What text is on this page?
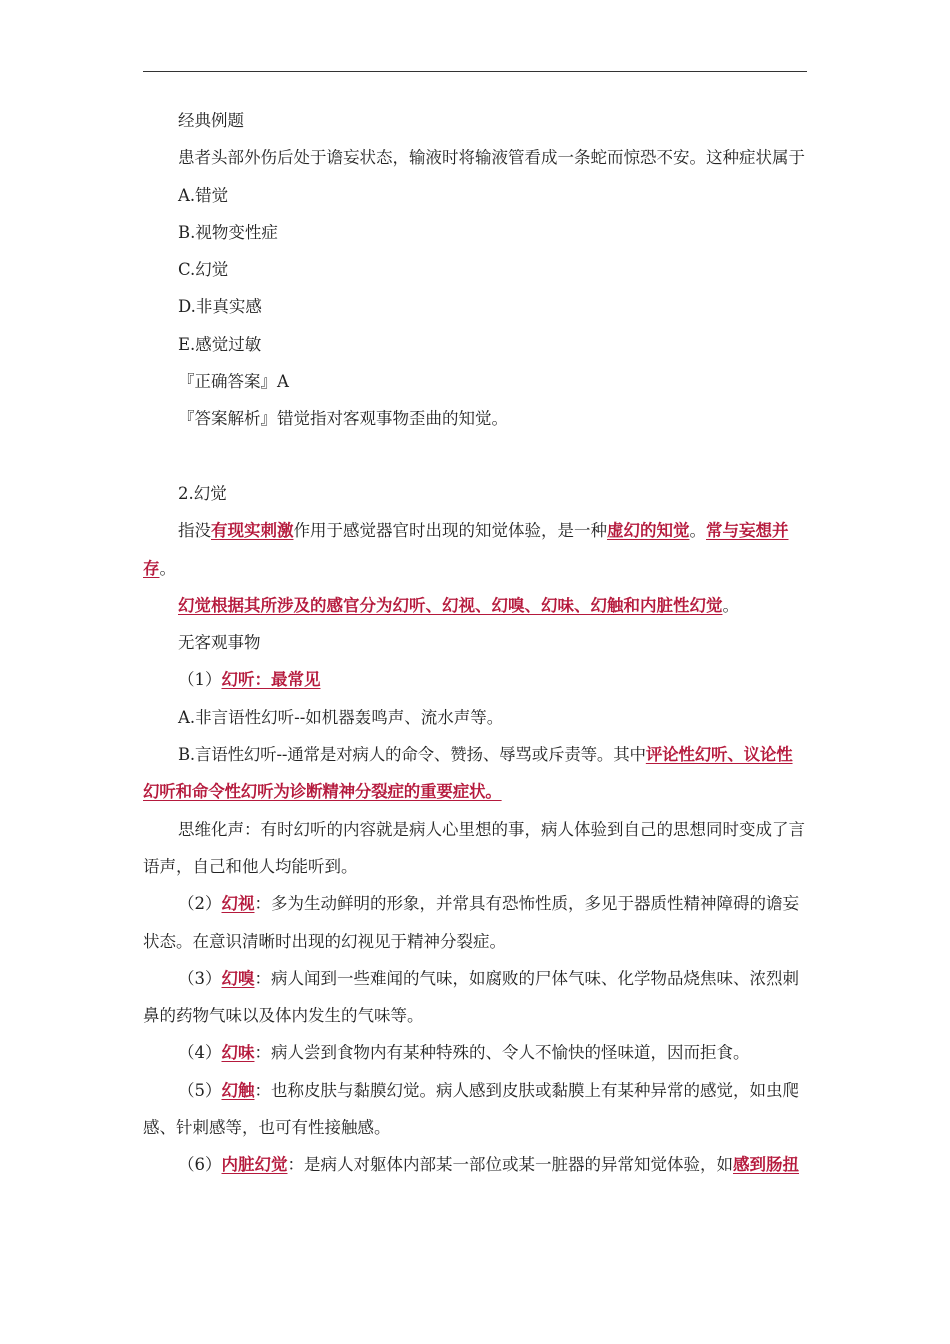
经典例题

患者头部外伤后处于谵妄状态，输液时将输液管看成一条蛇而惊恐不安。这种症状属于

A.错觉

B.视物变性症

C.幻觉

D.非真实感

E.感觉过敏

『正确答案』A

『答案解析』错觉指对客观事物歪曲的知觉。

2.幻觉

指没有现实刺激作用于感觉器官时出现的知觉体验，是一种虚幻的知觉。常与妄想并存。

幻觉根据其所涉及的感官分为幻听、幻视、幻嗅、幻味、幻触和内脏性幻觉。

无客观事物

（1）幻听：最常见

A.非言语性幻听--如机器轰鸣声、流水声等。

B.言语性幻听--通常是对病人的命令、赞扬、辱骂或斥责等。其中评论性幻听、议论性幻听和命令性幻听为诊断精神分裂症的重要症状。

思维化声：有时幻听的内容就是病人心里想的事，病人体验到自己的思想同时变成了言语声，自己和他人均能听到。

（2）幻视：多为生动鲜明的形象，并常具有恐怖性质，多见于器质性精神障碍的谵妄状态。在意识清晰时出现的幻视见于精神分裂症。

（3）幻嗅：病人闻到一些难闻的气味，如腐败的尸体气味、化学物品烧焦味、浓烈刺鼻的药物气味以及体内发生的气味等。

（4）幻味：病人尝到食物内有某种特殊的、令人不愉快的怪味道，因而拒食。

（5）幻触：也称皮肤与黏膜幻觉。病人感到皮肤或黏膜上有某种异常的感觉，如虫爬感、针刺感等，也可有性接触感。

（6）内脏幻觉：是病人对躯体内部某一部位或某一脏器的异常知觉体验，如感到肠扭
